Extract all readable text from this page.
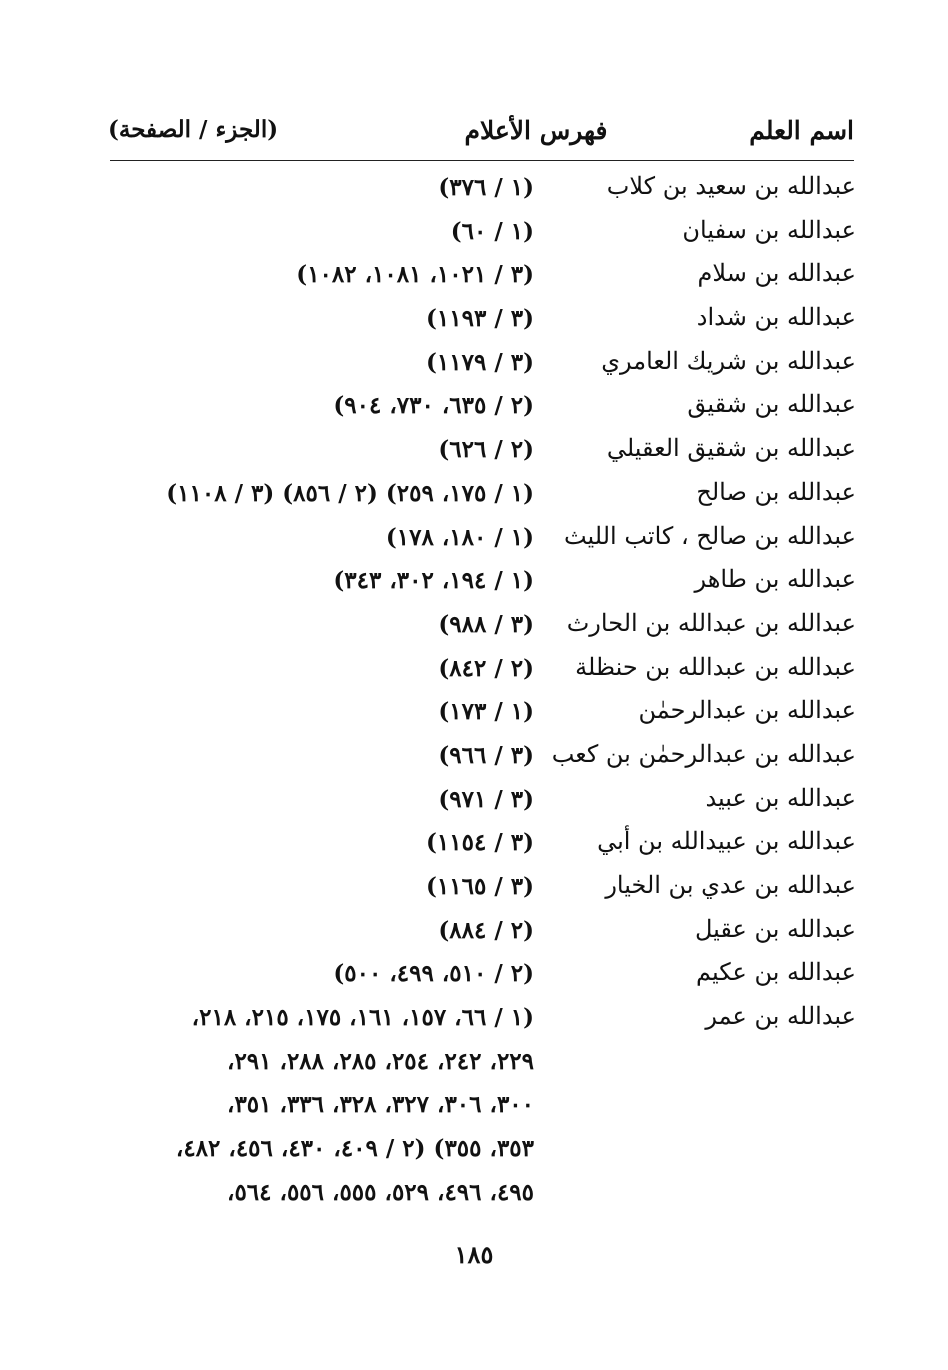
اسم العلم
فهرس الأعلام
(الجزء / الصفحة)
عبدالله بن سعيد بن كلاب
(١ / ٣٧٦)
عبدالله بن سفيان
(١ / ٦٠)
عبدالله بن سلام
(٣ / ١٠٢١، ١٠٨١، ١٠٨٢)
عبدالله بن شداد
(٣ / ١١٩٣)
عبدالله بن شريك العامري
(٣ / ١١٧٩)
عبدالله بن شقيق
(٢ / ٦٣٥، ٧٣٠، ٩٠٤)
عبدالله بن شقيق العقيلي
(٢ / ٦٢٦)
عبدالله بن صالح
(١ / ١٧٥، ٢٥٩) (٢ / ٨٥٦) (٣ / ١١٠٨)
عبدالله بن صالح ، كاتب الليث
(١ / ١٨٠، ١٧٨)
عبدالله بن طاهر
(١ / ١٩٤، ٣٠٢، ٣٤٣)
عبدالله بن عبدالله بن الحارث
(٣ / ٩٨٨)
عبدالله بن عبدالله بن حنظلة
(٢ / ٨٤٢)
عبدالله بن عبدالرحمٰن
(١ / ١٧٣)
عبدالله بن عبدالرحمٰن بن كعب
(٣ / ٩٦٦)
عبدالله بن عبيد
(٣ / ٩٧١)
عبدالله بن عبيدالله بن أبي
(٣ / ١١٥٤)
عبدالله بن عدي بن الخيار
(٣ / ١١٦٥)
عبدالله بن عقيل
(٢ / ٨٨٤)
عبدالله بن عكيم
(٢ / ٥١٠، ٤٩٩، ٥٠٠)
عبدالله بن عمر
(١ / ٦٦، ١٥٧، ١٦١، ١٧٥، ٢١٥، ٢١٨،
٢٢٩، ٢٤٢، ٢٥٤، ٢٨٥، ٢٨٨، ٢٩١،
٣٠٠، ٣٠٦، ٣٢٧، ٣٢٨، ٣٣٦، ٣٥١،
٣٥٣، ٣٥٥) (٢ / ٤٠٩، ٤٣٠، ٤٥٦، ٤٨٢،
٤٩٥، ٤٩٦، ٥٢٩، ٥٥٥، ٥٥٦، ٥٦٤،
١٨٥
